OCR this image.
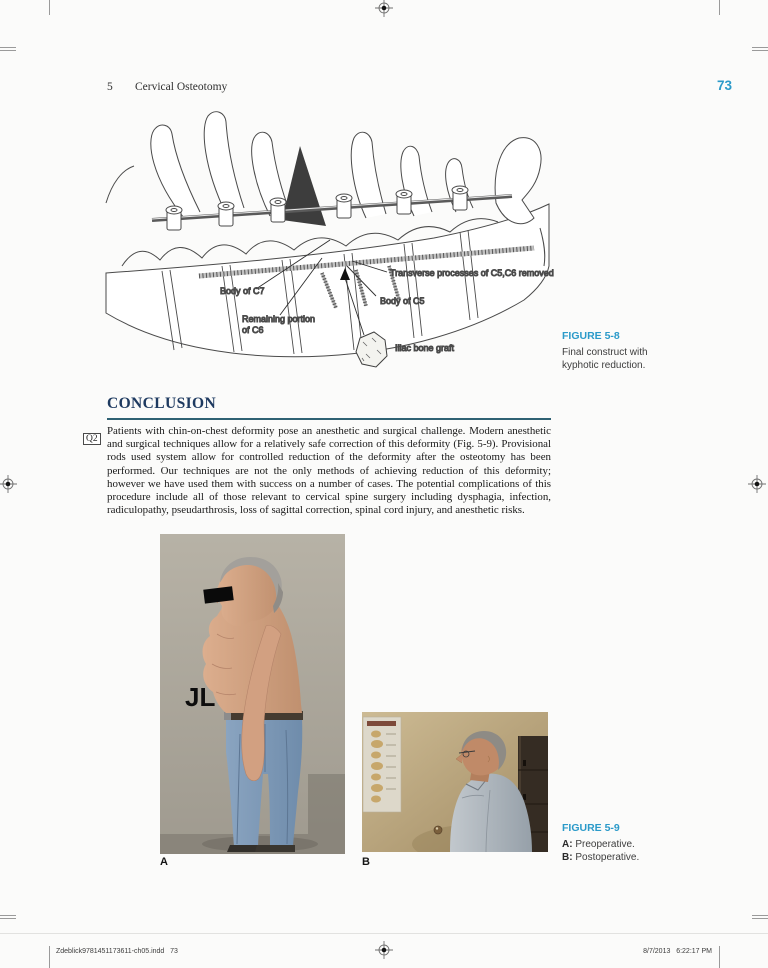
5 Cervical Osteotomy	73
Transverse processes of C5,C6 removed
Body of C7
Body of C5
Remaining portion
of C6
Iliac bone graft
FIGURE 5-8
Final construct with kyphotic reduction.
CONCLUSION
Q2
Patients with chin-on-chest deformity pose an anesthetic and surgical challenge. Modern anesthetic and surgical techniques allow for a relatively safe correction of this deformity (Fig. 5-9). Provisional rods used system allow for controlled reduction of the deformity after the osteotomy has been performed. Our techniques are not the only methods of achieving reduction of this deformity; however we have used them with success on a number of cases. The potential complications of this procedure include all of those relevant to cervical spine surgery including dysphagia, infection, radiculopathy, pseudarthrosis, loss of sagittal correction, spinal cord injury, and anesthetic risks.
JL
A	B
FIGURE 5-9
A: Preoperative.
B: Postoperative.
Zdeblick9781451173611-ch05.indd   73	8/7/2013   6:22:17 PM
